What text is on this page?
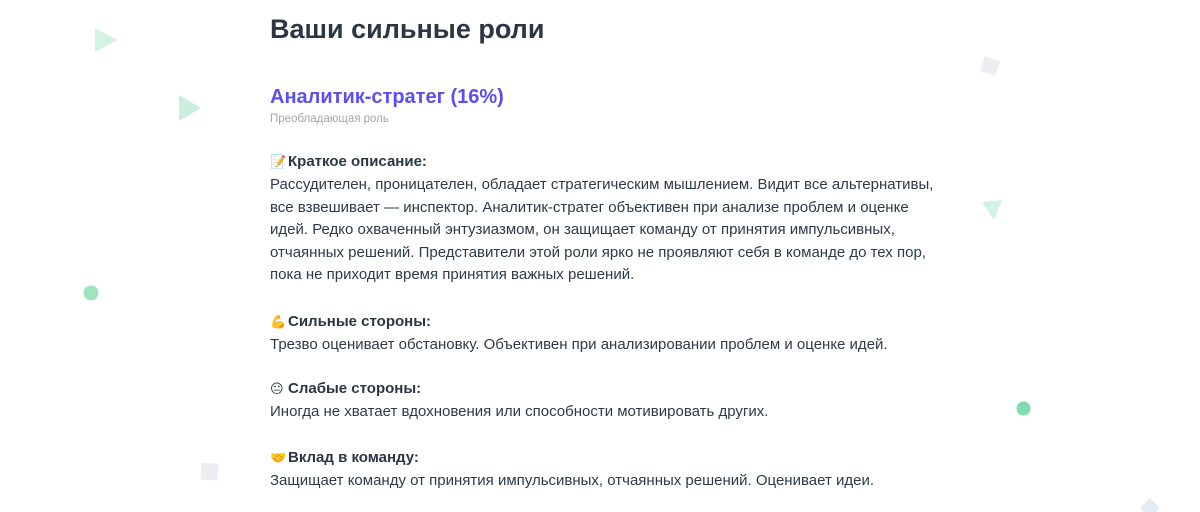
Ваши сильные роли
Аналитик-стратег (16%)
Преобладающая роль
📝 Краткое описание:
Рассудителен, проницателен, обладает стратегическим мышлением. Видит все альтернативы,
все взвешивает — инспектор. Аналитик-стратег объективен при анализе проблем и оценке
идей. Редко охваченный энтузиазмом, он защищает команду от принятия импульсивных,
отчаянных решений. Представители этой роли ярко не проявляют себя в команде до тех пор,
пока не приходит время принятия важных решений.
💪 Сильные стороны:
Трезво оценивает обстановку. Объективен при анализировании проблем и оценке идей.
😐 Слабые стороны:
Иногда не хватает вдохновения или способности мотивировать других.
🤝 Вклад в команду:
Защищает команду от принятия импульсивных, отчаянных решений. Оценивает идеи.
